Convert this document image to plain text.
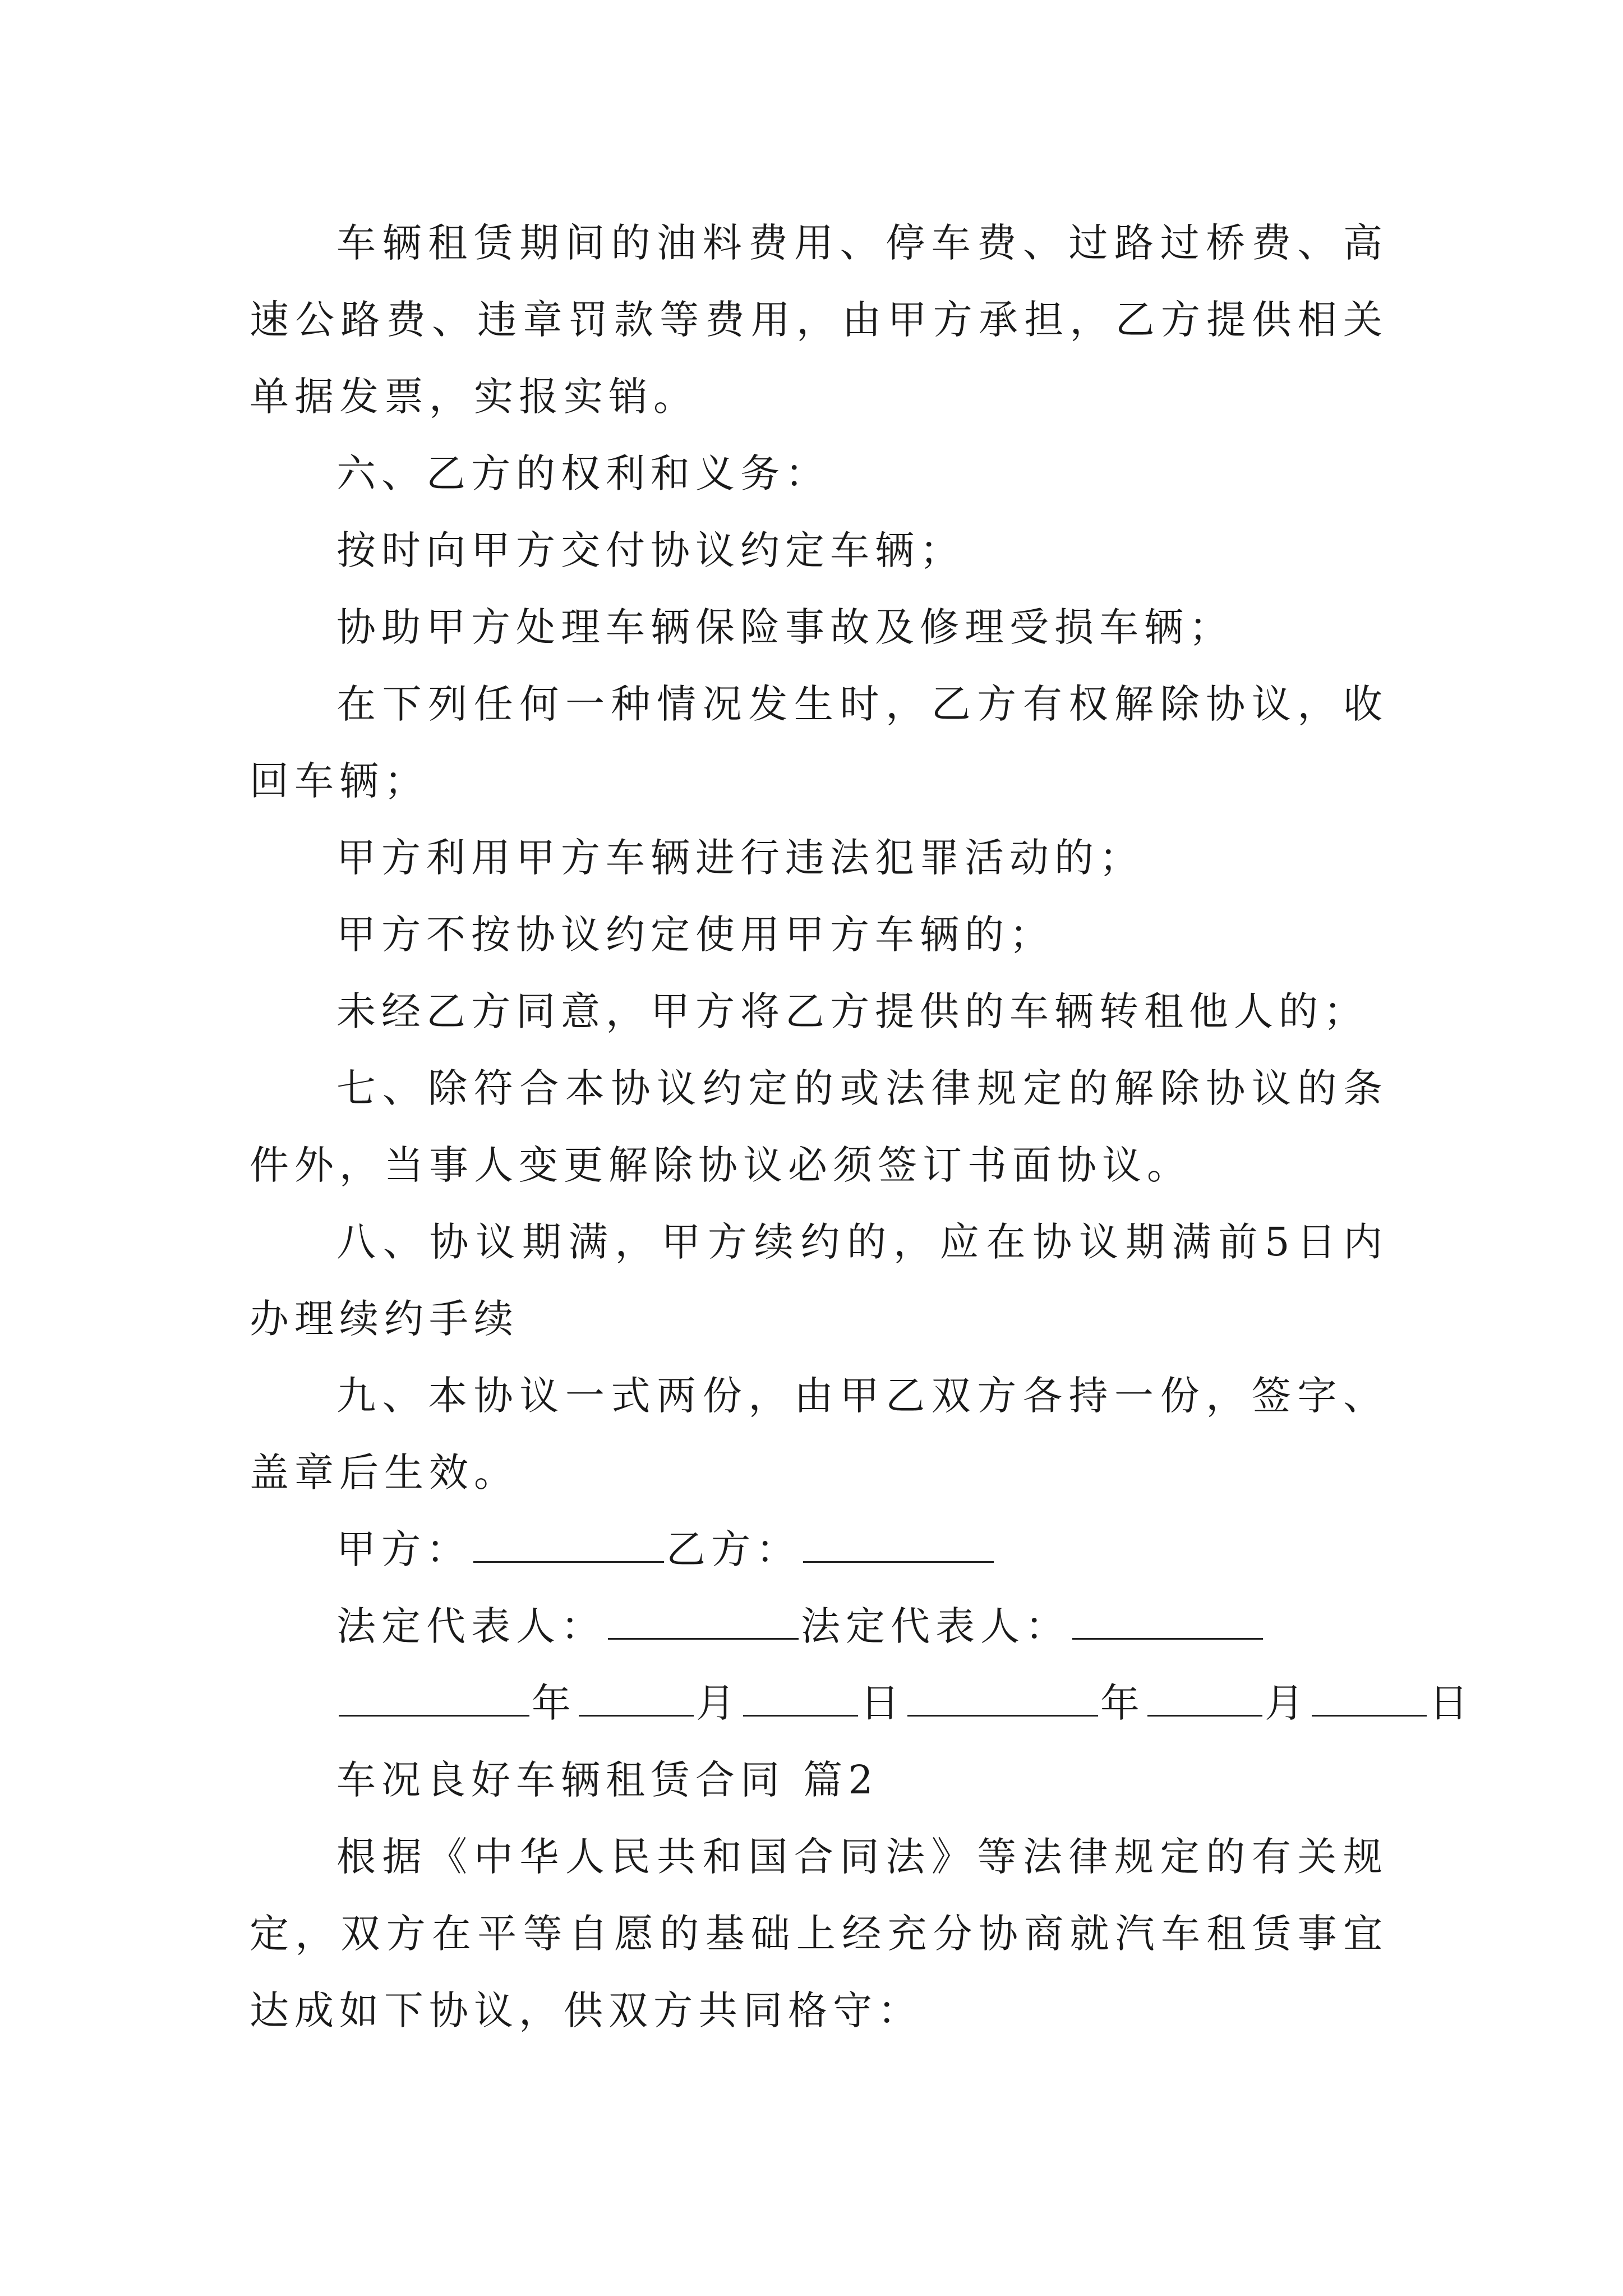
车辆租赁期间的油料费用、停车费、过路过桥费、高速公路费、违章罚款等费用，由甲方承担，乙方提供相关单据发票，实报实销。

六、乙方的权利和义务：

按时向甲方交付协议约定车辆；

协助甲方处理车辆保险事故及修理受损车辆；

在下列任何一种情况发生时，乙方有权解除协议，收回车辆；

甲方利用甲方车辆进行违法犯罪活动的；

甲方不按协议约定使用甲方车辆的；

未经乙方同意，甲方将乙方提供的车辆转租他人的；

七、除符合本协议约定的或法律规定的解除协议的条件外，当事人变更解除协议必须签订书面协议。

八、协议期满，甲方续约的，应在协议期满前5日内办理续约手续

九、本协议一式两份，由甲乙双方各持一份，签字、盖章后生效。

甲方：	乙方：
法定代表人：	法定代表人：
年	月	日	年	月	日

车况良好车辆租赁合同 篇2

根据《中华人民共和国合同法》等法律规定的有关规定，双方在平等自愿的基础上经充分协商就汽车租赁事宜达成如下协议，供双方共同格守：
